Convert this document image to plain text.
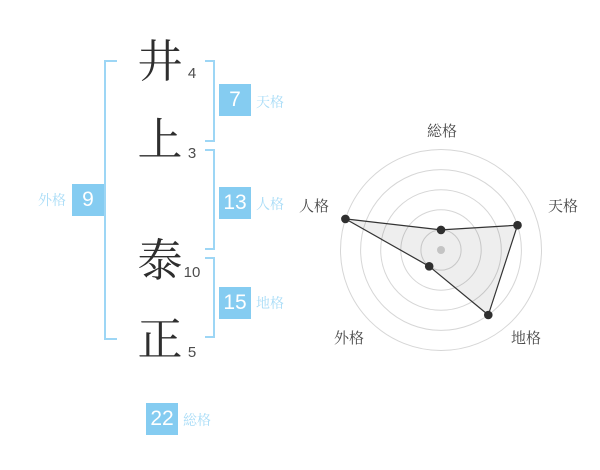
井
上
泰
正
4
3
10
5
7
13
15
9
22
天格
人格
地格
外格
総格
総格
天格
地格
外格
人格
